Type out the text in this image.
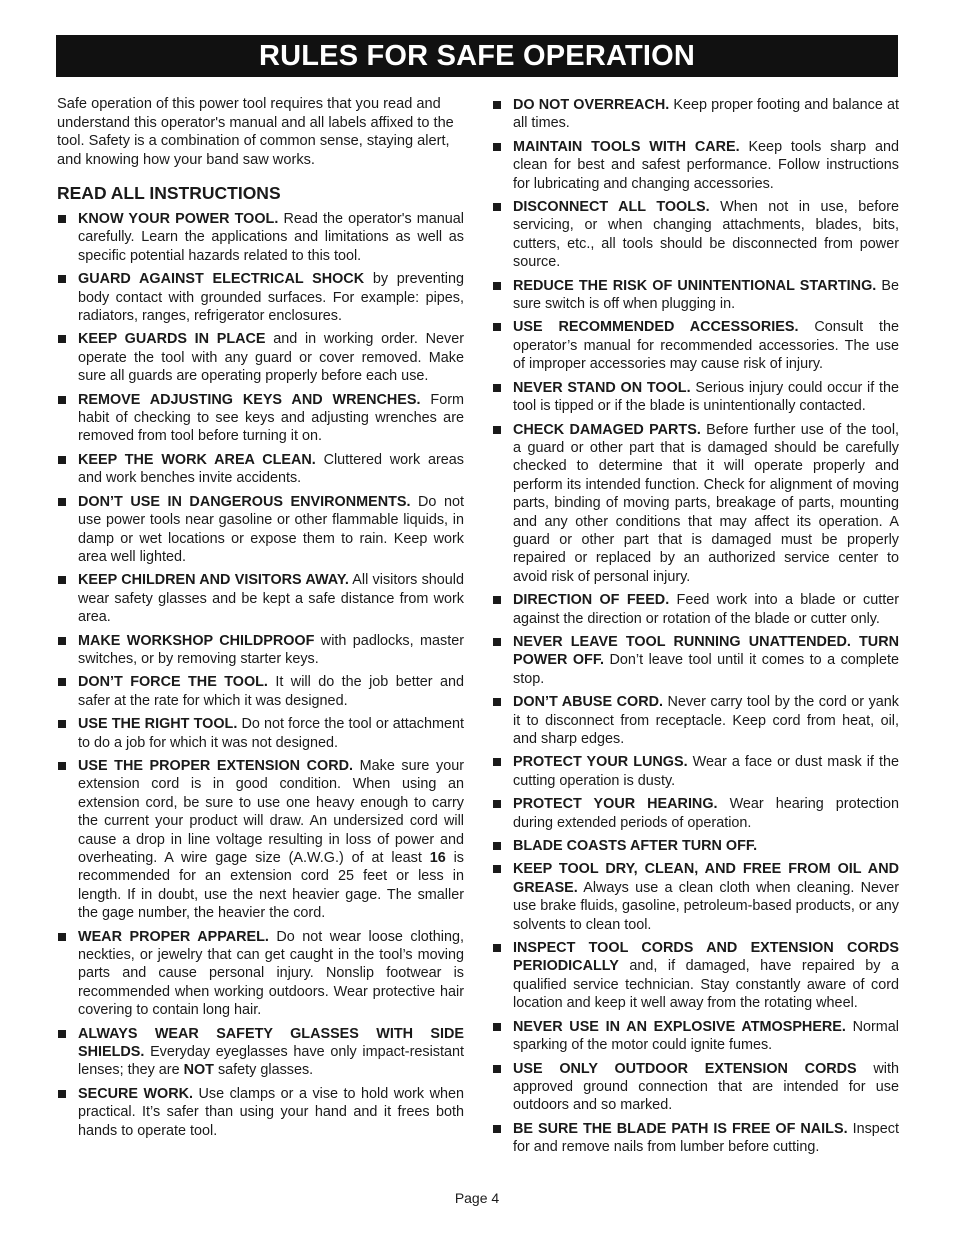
RULES FOR SAFE OPERATION

Safe operation of this power tool requires that you read and understand this operator's manual and all labels affixed to the tool. Safety is a combination of common sense, staying alert, and knowing how your band saw works.

READ ALL INSTRUCTIONS
KNOW YOUR POWER TOOL. Read the operator's manual carefully. Learn the applications and limitations as well as specific potential hazards related to this tool.
GUARD AGAINST ELECTRICAL SHOCK by preventing body contact with grounded surfaces. For example: pipes, radiators, ranges, refrigerator enclosures.
KEEP GUARDS IN PLACE and in working order. Never operate the tool with any guard or cover removed. Make sure all guards are operating properly before each use.
REMOVE ADJUSTING KEYS AND WRENCHES. Form habit of checking to see keys and adjusting wrenches are removed from tool before turning it on.
KEEP THE WORK AREA CLEAN. Cluttered work areas and work benches invite accidents.
DON’T USE IN DANGEROUS ENVIRONMENTS. Do not use power tools near gasoline or other flammable liquids, in damp or wet locations or expose them to rain. Keep work area well lighted.
KEEP CHILDREN AND VISITORS AWAY. All visitors should wear safety glasses and be kept a safe distance from work area.
MAKE WORKSHOP CHILDPROOF with padlocks, master switches, or by removing starter keys.
DON’T FORCE THE TOOL. It will do the job better and safer at the rate for which it was designed.
USE THE RIGHT TOOL. Do not force the tool or attachment to do a job for which it was not designed.
USE THE PROPER EXTENSION CORD. Make sure your extension cord is in good condition. When using an extension cord, be sure to use one heavy enough to carry the current your product will draw. An undersized cord will cause a drop in line voltage resulting in loss of power and overheating. A wire gage size (A.W.G.) of at least 16 is recommended for an extension cord 25 feet or less in length. If in doubt, use the next heavier gage. The smaller the gage number, the heavier the cord.
WEAR PROPER APPAREL. Do not wear loose clothing, neckties, or jewelry that can get caught in the tool’s moving parts and cause personal injury. Nonslip footwear is recommended when working outdoors. Wear protective hair covering to contain long hair.
ALWAYS WEAR SAFETY GLASSES WITH SIDE SHIELDS. Everyday eyeglasses have only impact-resistant lenses; they are NOT safety glasses.
SECURE WORK. Use clamps or a vise to hold work when practical. It’s safer than using your hand and it frees both hands to operate tool.
DO NOT OVERREACH. Keep proper footing and balance at all times.
MAINTAIN TOOLS WITH CARE. Keep tools sharp and clean for best and safest performance. Follow instructions for lubricating and changing accessories.
DISCONNECT ALL TOOLS. When not in use, before servicing, or when changing attachments, blades, bits, cutters, etc., all tools should be disconnected from power source.
REDUCE THE RISK OF UNINTENTIONAL STARTING. Be sure switch is off when plugging in.
USE RECOMMENDED ACCESSORIES. Consult the operator’s manual for recommended accessories. The use of improper accessories may cause risk of injury.
NEVER STAND ON TOOL. Serious injury could occur if the tool is tipped or if the blade is unintentionally contacted.
CHECK DAMAGED PARTS. Before further use of the tool, a guard or other part that is damaged should be carefully checked to determine that it will operate properly and perform its intended function. Check for alignment of moving parts, binding of moving parts, breakage of parts, mounting and any other conditions that may affect its operation. A guard or other part that is damaged must be properly repaired or replaced by an authorized service center to avoid risk of personal injury.
DIRECTION OF FEED. Feed work into a blade or cutter against the direction or rotation of the blade or cutter only.
NEVER LEAVE TOOL RUNNING UNATTENDED. TURN POWER OFF. Don’t leave tool until it comes to a complete stop.
DON’T ABUSE CORD. Never carry tool by the cord or yank it to disconnect from receptacle. Keep cord from heat, oil, and sharp edges.
PROTECT YOUR LUNGS. Wear a face or dust mask if the cutting operation is dusty.
PROTECT YOUR HEARING. Wear hearing protection during extended periods of operation.
BLADE COASTS AFTER TURN OFF.
KEEP TOOL DRY, CLEAN, AND FREE FROM OIL AND GREASE. Always use a clean cloth when cleaning. Never use brake fluids, gasoline, petroleum-based products, or any solvents to clean tool.
INSPECT TOOL CORDS AND EXTENSION CORDS PERIODICALLY and, if damaged, have repaired by a qualified service technician. Stay constantly aware of cord location and keep it well away from the rotating wheel.
NEVER USE IN AN EXPLOSIVE ATMOSPHERE. Normal sparking of the motor could ignite fumes.
USE ONLY OUTDOOR EXTENSION CORDS with approved ground connection that are intended for use outdoors and so marked.
BE SURE THE BLADE PATH IS FREE OF NAILS. Inspect for and remove nails from lumber before cutting.
Page 4
